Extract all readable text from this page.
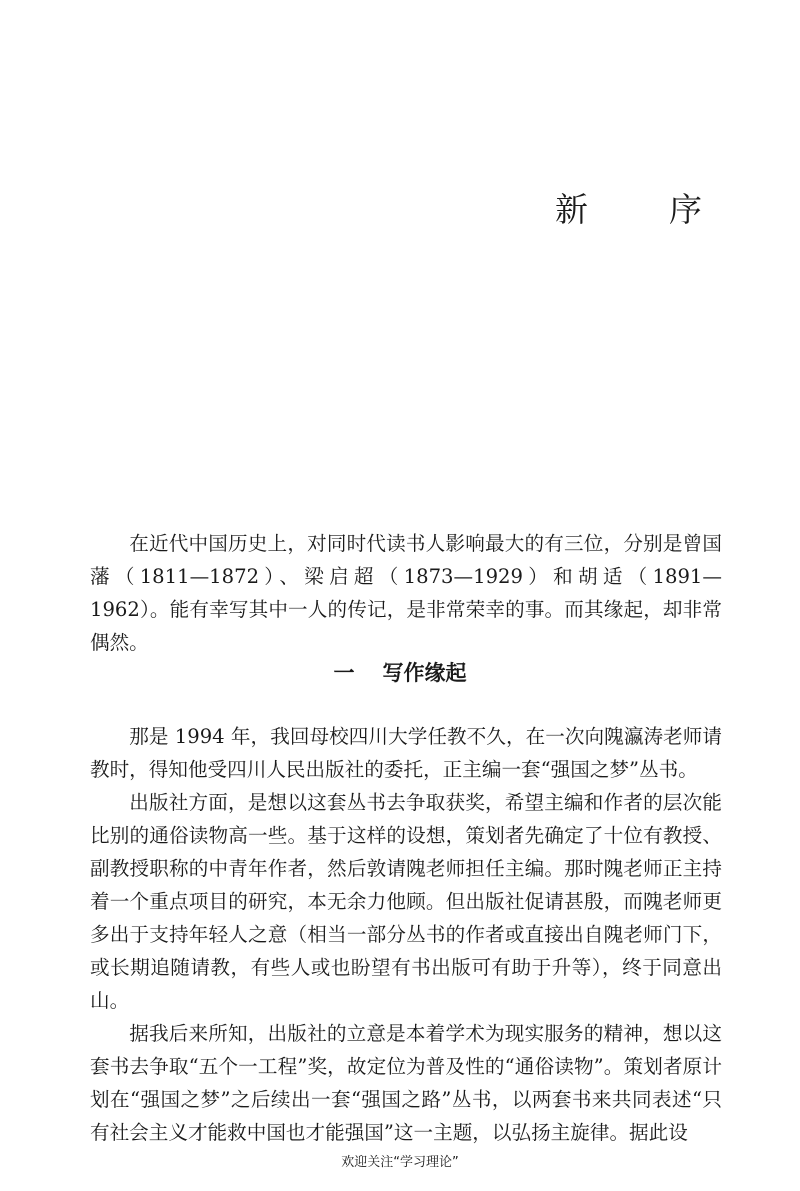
新　序

在近代中国历史上，对同时代读书人影响最大的有三位，分别是曾国藩（1811—1872）、梁启超（1873—1929）和胡适（1891—1962）。能有幸写其中一人的传记，是非常荣幸的事。而其缘起，却非常偶然。

一 写作缘起

那是 1994 年，我回母校四川大学任教不久，在一次向隗瀛涛老师请教时，得知他受四川人民出版社的委托，正主编一套“强国之梦”丛书。

出版社方面，是想以这套丛书去争取获奖，希望主编和作者的层次能比别的通俗读物高一些。基于这样的设想，策划者先确定了十位有教授、副教授职称的中青年作者，然后敦请隗老师担任主编。那时隗老师正主持着一个重点项目的研究，本无余力他顾。但出版社促请甚殷，而隗老师更多出于支持年轻人之意（相当一部分丛书的作者或直接出自隗老师门下，或长期追随请教，有些人或也盼望有书出版可有助于升等），终于同意出山。

据我后来所知，出版社的立意是本着学术为现实服务的精神，想以这套书去争取“五个一工程”奖，故定位为普及性的“通俗读物”。策划者原计划在“强国之梦”之后续出一套“强国之路”丛书，以两套书来共同表述“只有社会主义才能救中国也才能强国”这一主题，以弘扬主旋律。据此设

欢迎关注“学习理论”
